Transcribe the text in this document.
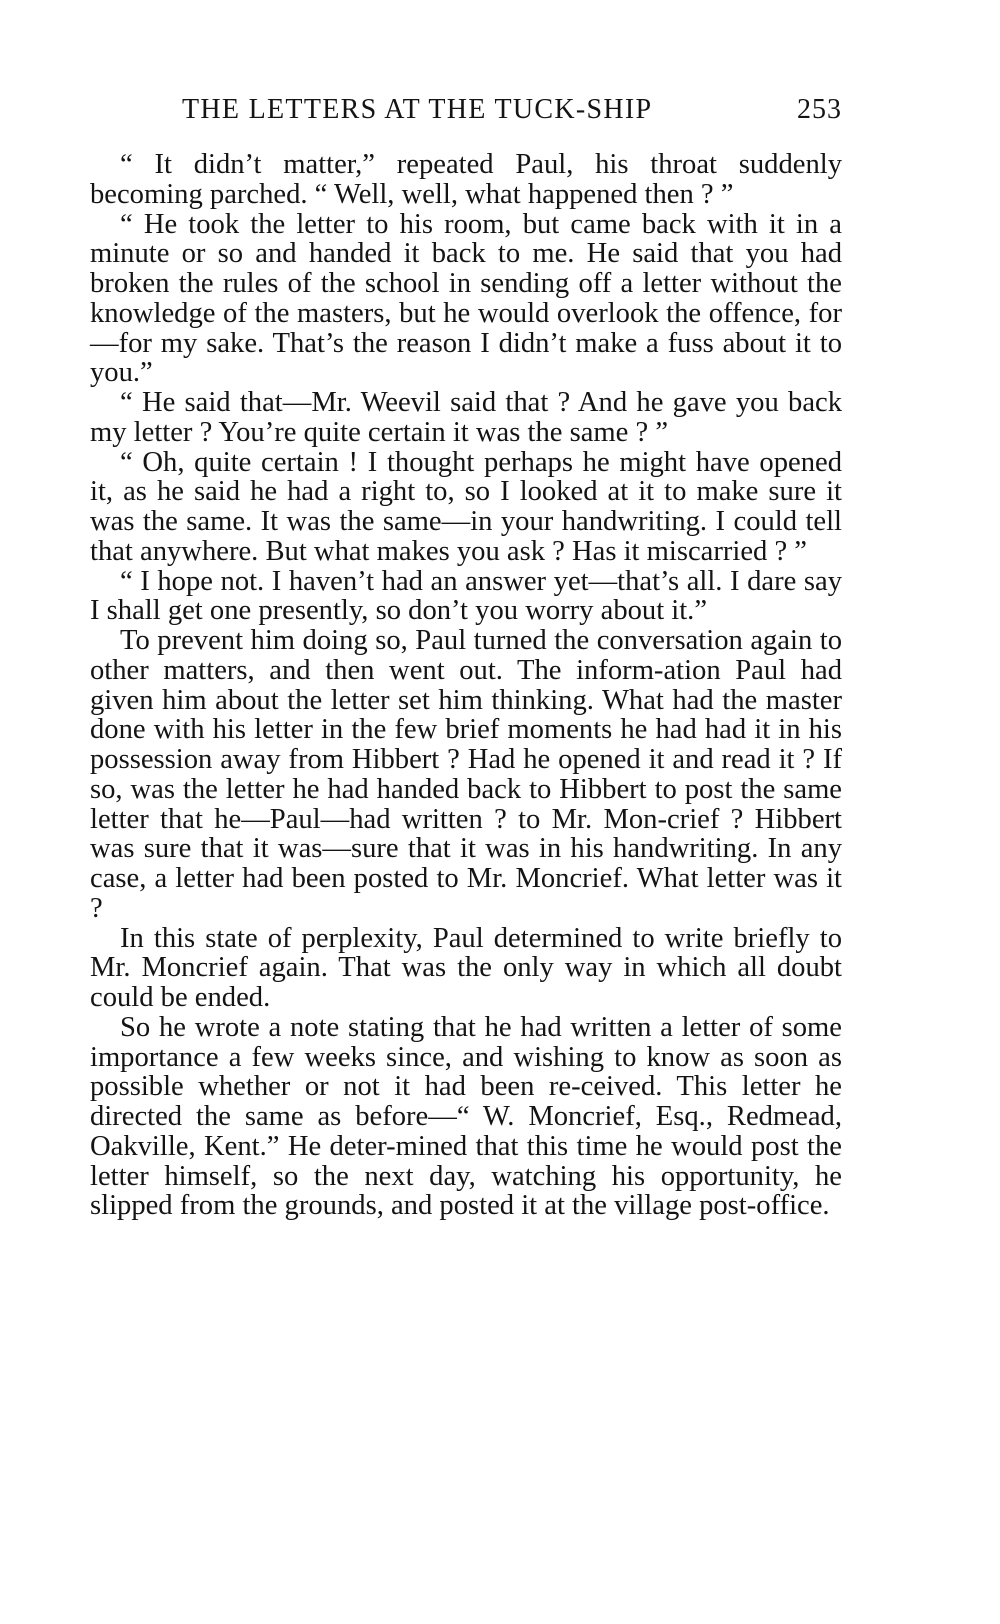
THE LETTERS AT THE TUCK-SHIP	253

“ It didn’t matter,” repeated Paul, his throat suddenly becoming parched. “ Well, well, what happened then ? ”

“ He took the letter to his room, but came back with it in a minute or so and handed it back to me. He said that you had broken the rules of the school in sending off a letter without the knowledge of the masters, but he would overlook the offence, for—for my sake. That’s the reason I didn’t make a fuss about it to you.”

“ He said that—Mr. Weevil said that ? And he gave you back my letter ? You’re quite certain it was the same ? ”

“ Oh, quite certain ! I thought perhaps he might have opened it, as he said he had a right to, so I looked at it to make sure it was the same. It was the same—in your handwriting. I could tell that anywhere. But what makes you ask ? Has it miscarried ? ”

“ I hope not. I haven’t had an answer yet—that’s all. I dare say I shall get one presently, so don’t you worry about it.”

To prevent him doing so, Paul turned the conversation again to other matters, and then went out. The inform-ation Paul had given him about the letter set him thinking. What had the master done with his letter in the few brief moments he had had it in his possession away from Hibbert ? Had he opened it and read it ? If so, was the letter he had handed back to Hibbert to post the same letter that he—Paul—had written ? to Mr. Mon-crief ? Hibbert was sure that it was—sure that it was in his handwriting. In any case, a letter had been posted to Mr. Moncrief. What letter was it ?

In this state of perplexity, Paul determined to write briefly to Mr. Moncrief again. That was the only way in which all doubt could be ended.

So he wrote a note stating that he had written a letter of some importance a few weeks since, and wishing to know as soon as possible whether or not it had been re-ceived. This letter he directed the same as before—“ W. Moncrief, Esq., Redmead, Oakville, Kent.” He deter-mined that this time he would post the letter himself, so the next day, watching his opportunity, he slipped from the grounds, and posted it at the village post-office.
